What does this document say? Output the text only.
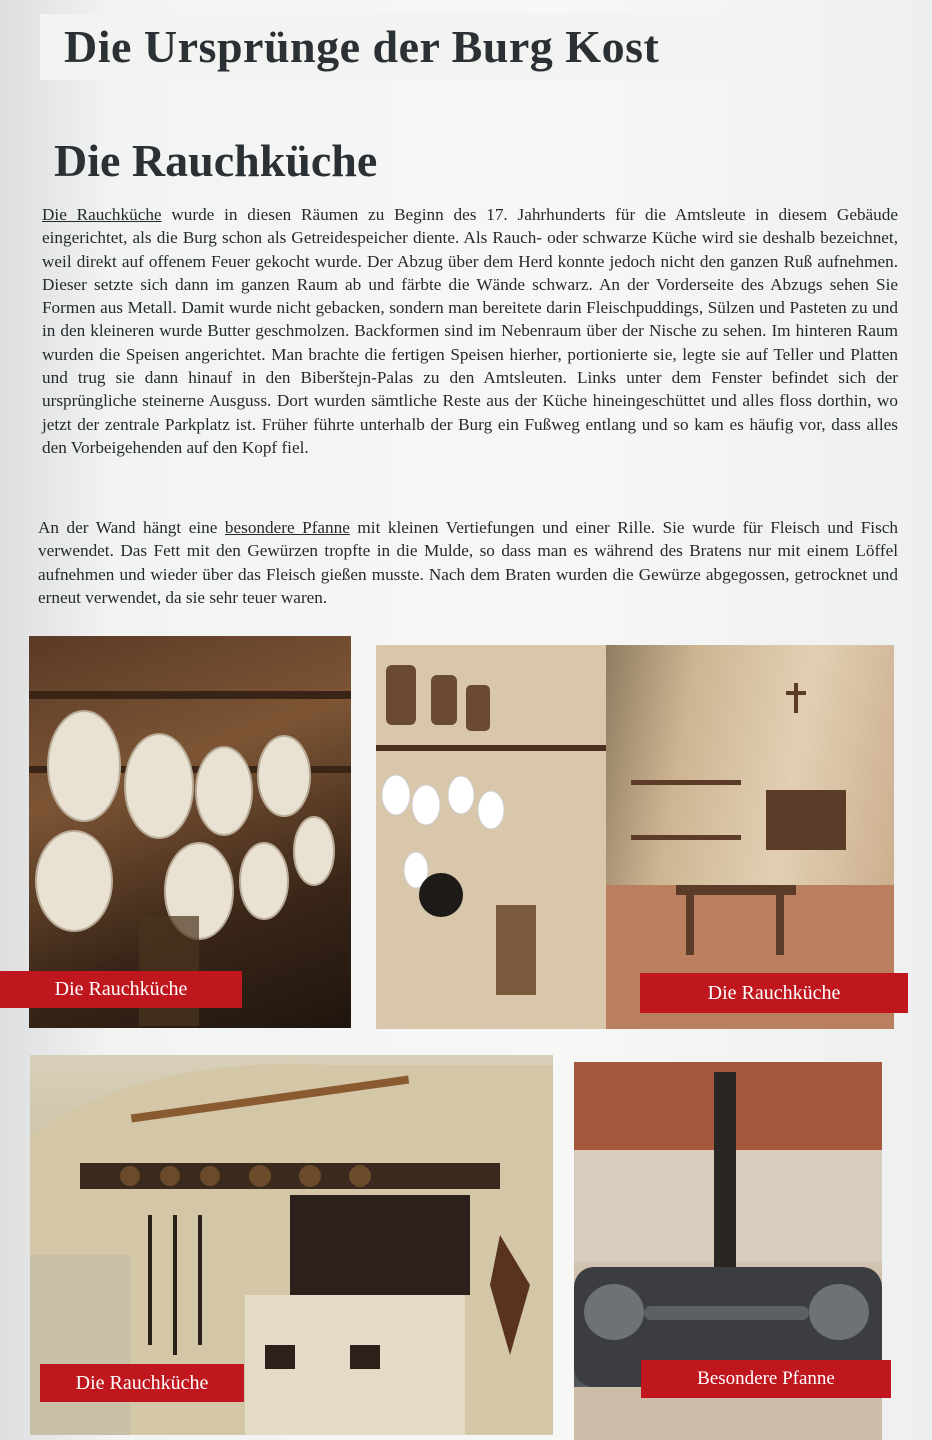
Die Ursprünge der Burg Kost
Die Rauchküche

Die Rauchküche wurde in diesen Räumen zu Beginn des 17. Jahrhunderts für die Amtsleute in diesem Gebäude eingerichtet, als die Burg schon als Getreidespeicher diente. Als Rauch- oder schwarze Küche wird sie deshalb bezeichnet, weil direkt auf offenem Feuer gekocht wurde. Der Abzug über dem Herd konnte jedoch nicht den ganzen Ruß aufnehmen. Dieser setzte sich dann im ganzen Raum ab und färbte die Wände schwarz. An der Vorderseite des Abzugs sehen Sie Formen aus Metall. Damit wurde nicht gebacken, sondern man bereitete darin Fleischpuddings, Sülzen und Pasteten zu und in den kleineren wurde Butter geschmolzen. Backformen sind im Nebenraum über der Nische zu sehen. Im hinteren Raum wurden die Speisen angerichtet. Man brachte die fertigen Speisen hierher, portionierte sie, legte sie auf Teller und Platten und trug sie dann hinauf in den Biberštejn-Palas zu den Amtsleuten. Links unter dem Fenster befindet sich der ursprüngliche steinerne Ausguss. Dort wurden sämtliche Reste aus der Küche hineingeschüttet und alles floss dorthin, wo jetzt der zentrale Parkplatz ist. Früher führte unterhalb der Burg ein Fußweg entlang und so kam es häufig vor, dass alles den Vorbeigehenden auf den Kopf fiel.

An der Wand hängt eine besondere Pfanne mit kleinen Vertiefungen und einer Rille. Sie wurde für Fleisch und Fisch verwendet. Das Fett mit den Gewürzen tropfte in die Mulde, so dass man es während des Bratens nur mit einem Löffel aufnehmen und wieder über das Fleisch gießen musste. Nach dem Braten wurden die Gewürze abgegossen, getrocknet und erneut verwendet, da sie sehr teuer waren.

Die Rauchküche	Die Rauchküche
Die Rauchküche	Besondere Pfanne
